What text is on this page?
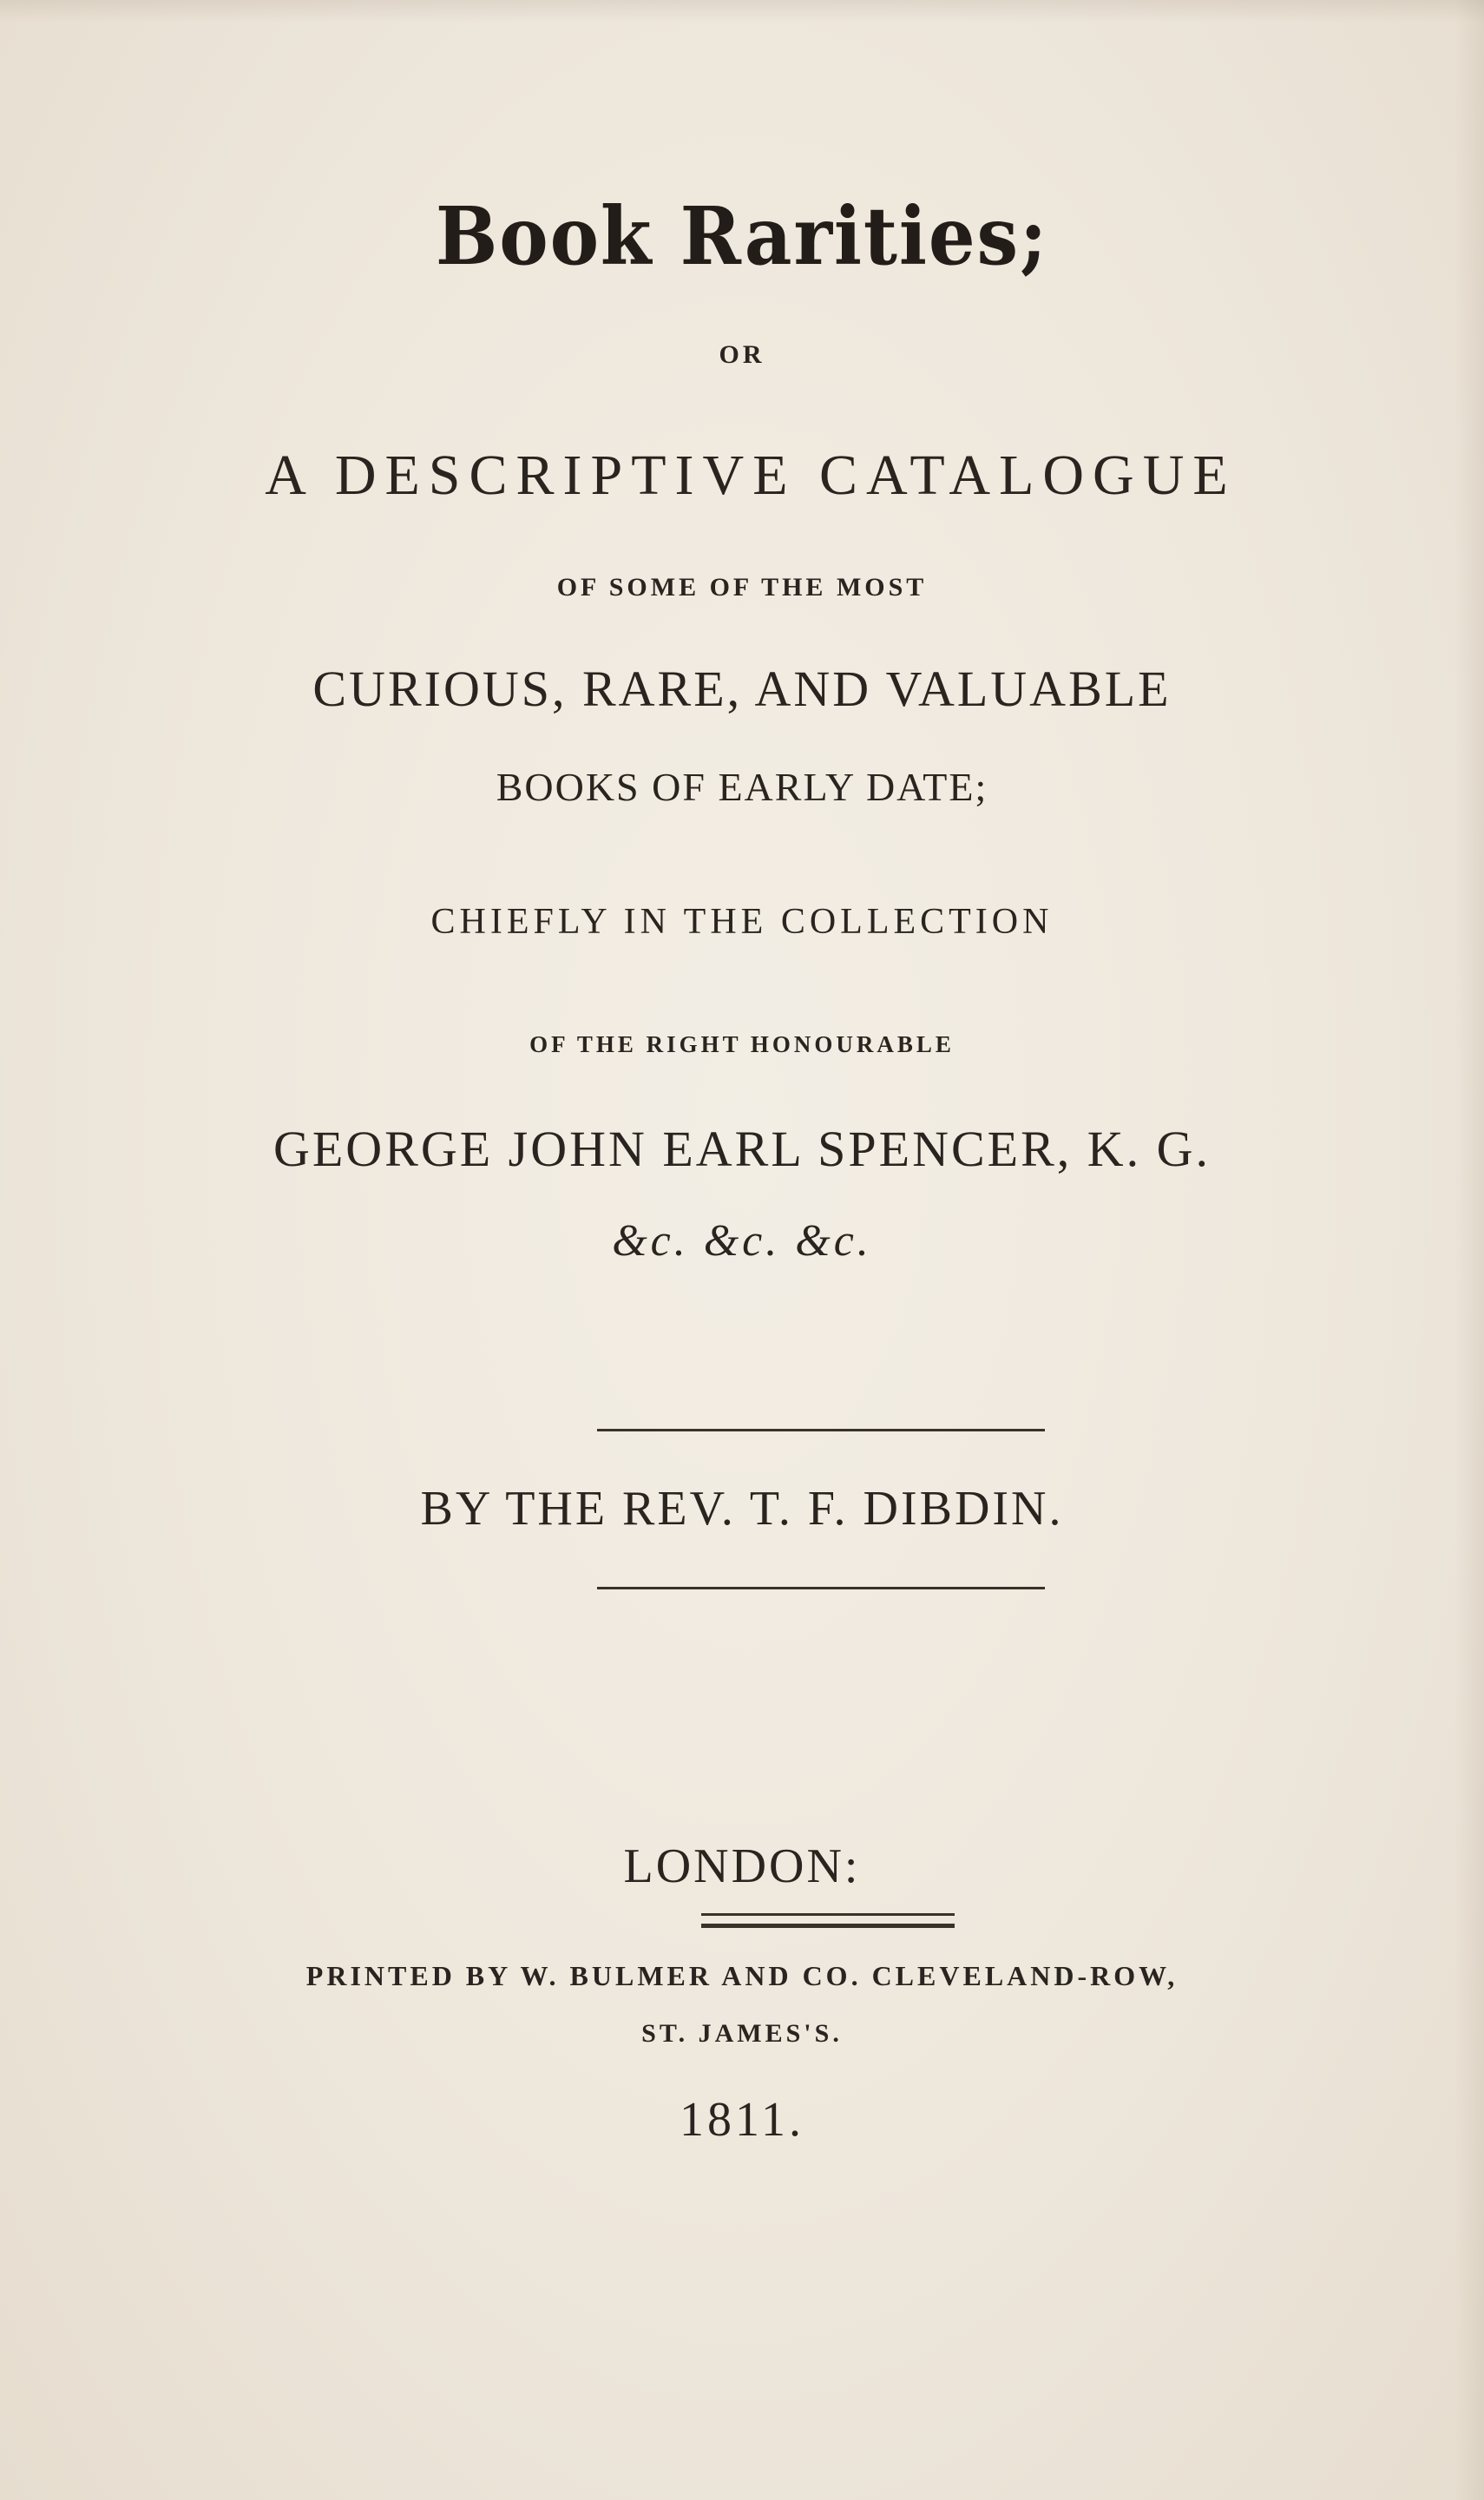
Book Rarities;
OR
A DESCRIPTIVE CATALOGUE
OF SOME OF THE MOST
CURIOUS, RARE, AND VALUABLE
BOOKS OF EARLY DATE;
CHIEFLY IN THE COLLECTION
OF THE RIGHT HONOURABLE
GEORGE JOHN EARL SPENCER, K. G.
&c. &c. &c.
BY THE REV. T. F. DIBDIN.
LONDON:
PRINTED BY W. BULMER AND CO. CLEVELAND-ROW,
ST. JAMES'S.
1811.
